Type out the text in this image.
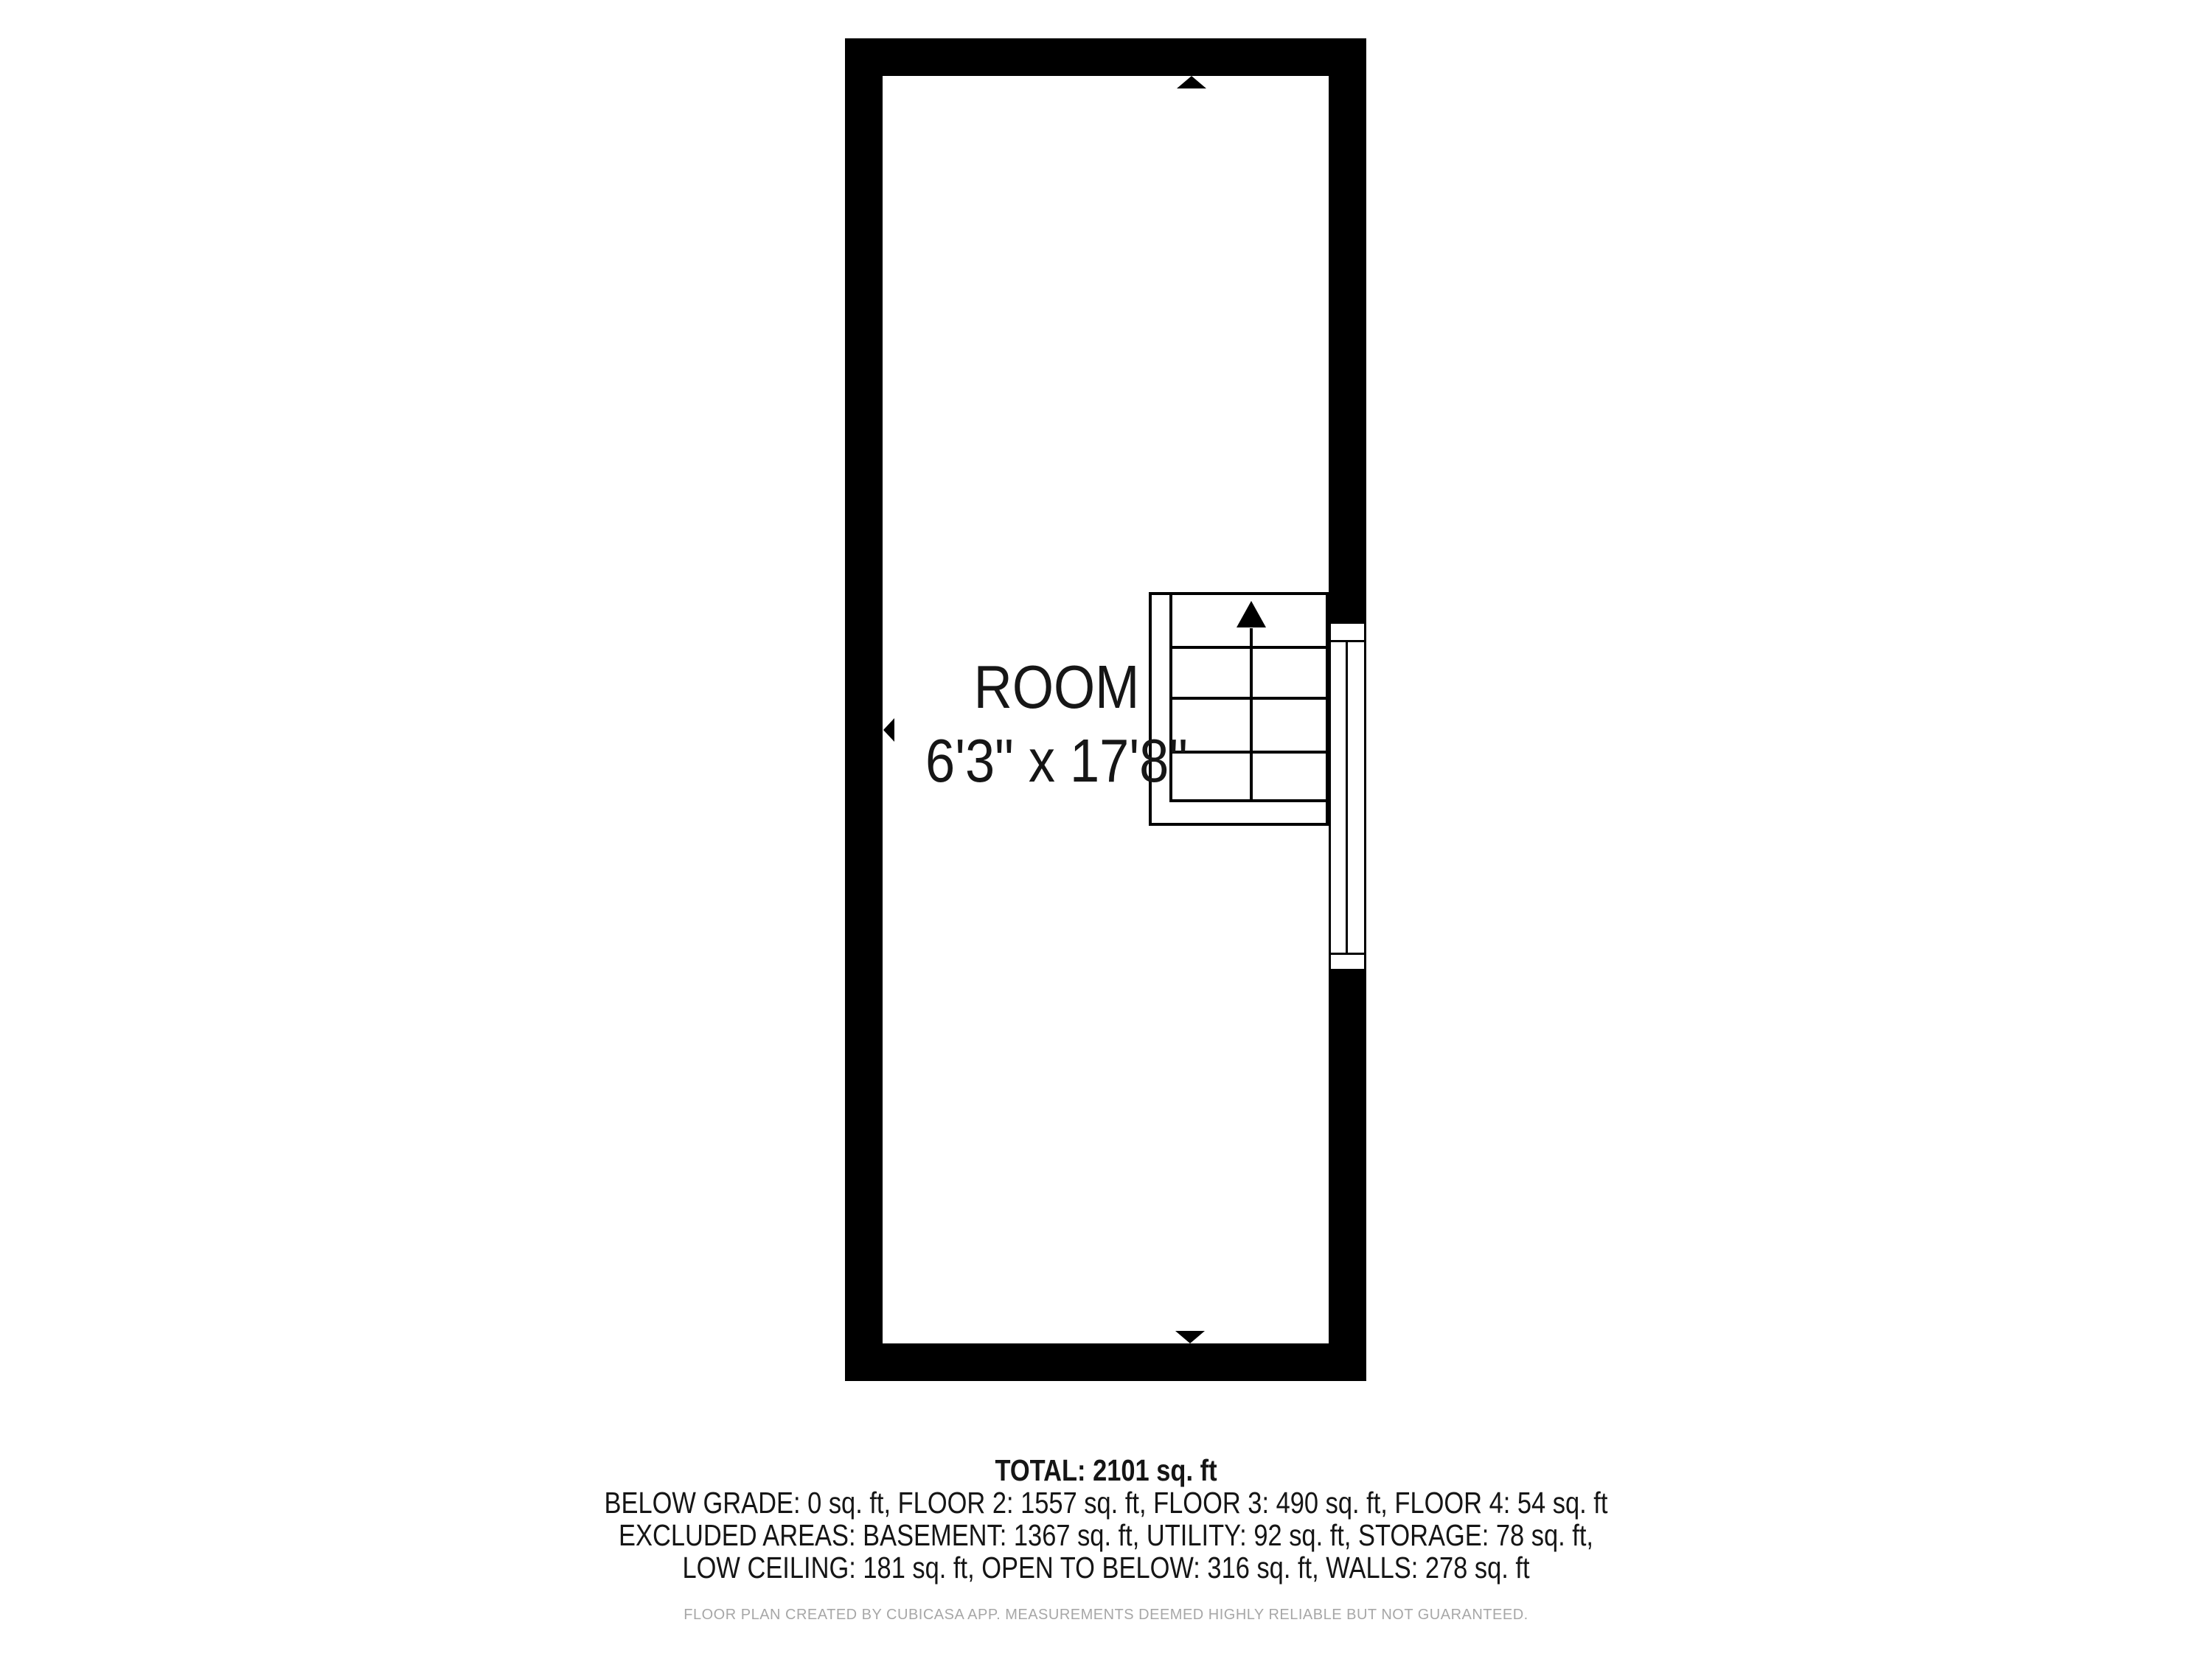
ROOM
6'3" x 17'8"
TOTAL: 2101 sq. ft
BELOW GRADE: 0 sq. ft, FLOOR 2: 1557 sq. ft, FLOOR 3: 490 sq. ft, FLOOR 4: 54 sq. ft
EXCLUDED AREAS: BASEMENT: 1367 sq. ft, UTILITY: 92 sq. ft, STORAGE: 78 sq. ft,
LOW CEILING: 181 sq. ft, OPEN TO BELOW: 316 sq. ft, WALLS: 278 sq. ft
FLOOR PLAN CREATED BY CUBICASA APP. MEASUREMENTS DEEMED HIGHLY RELIABLE BUT NOT GUARANTEED.
